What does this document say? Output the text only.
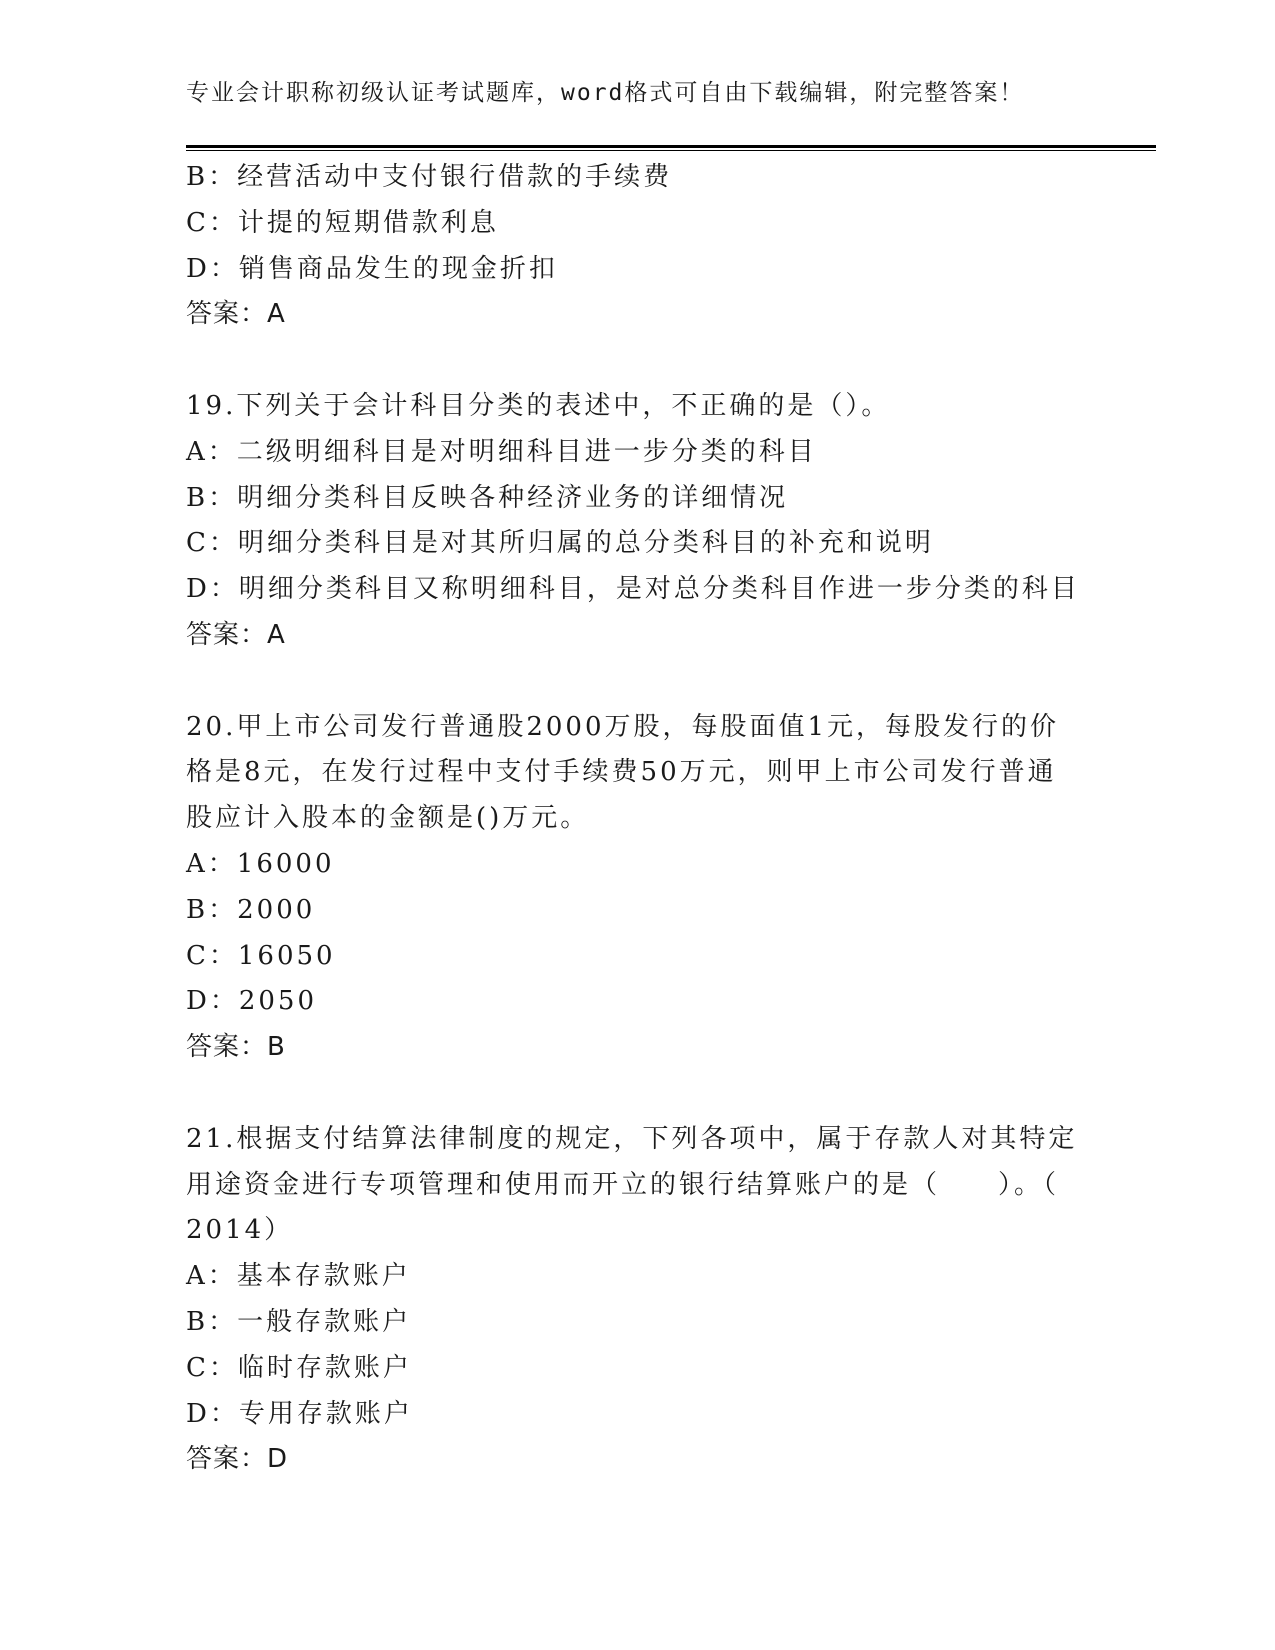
专业会计职称初级认证考试题库，word格式可自由下载编辑，附完整答案！
B：经营活动中支付银行借款的手续费
C：计提的短期借款利息
D：销售商品发生的现金折扣
答案：A
19.下列关于会计科目分类的表述中，不正确的是（）。
A：二级明细科目是对明细科目进一步分类的科目
B：明细分类科目反映各种经济业务的详细情况
C：明细分类科目是对其所归属的总分类科目的补充和说明
D：明细分类科目又称明细科目，是对总分类科目作进一步分类的科目
答案：A
20.甲上市公司发行普通股2000万股，每股面值1元，每股发行的价
格是8元，在发行过程中支付手续费50万元，则甲上市公司发行普通
股应计入股本的金额是()万元。
A：16000
B：2000
C：16050
D：2050
答案：B
21.根据支付结算法律制度的规定，下列各项中，属于存款人对其特定
用途资金进行专项管理和使用而开立的银行结算账户的是（　　）。（
2014）
A：基本存款账户
B：一般存款账户
C：临时存款账户
D：专用存款账户
答案：D
